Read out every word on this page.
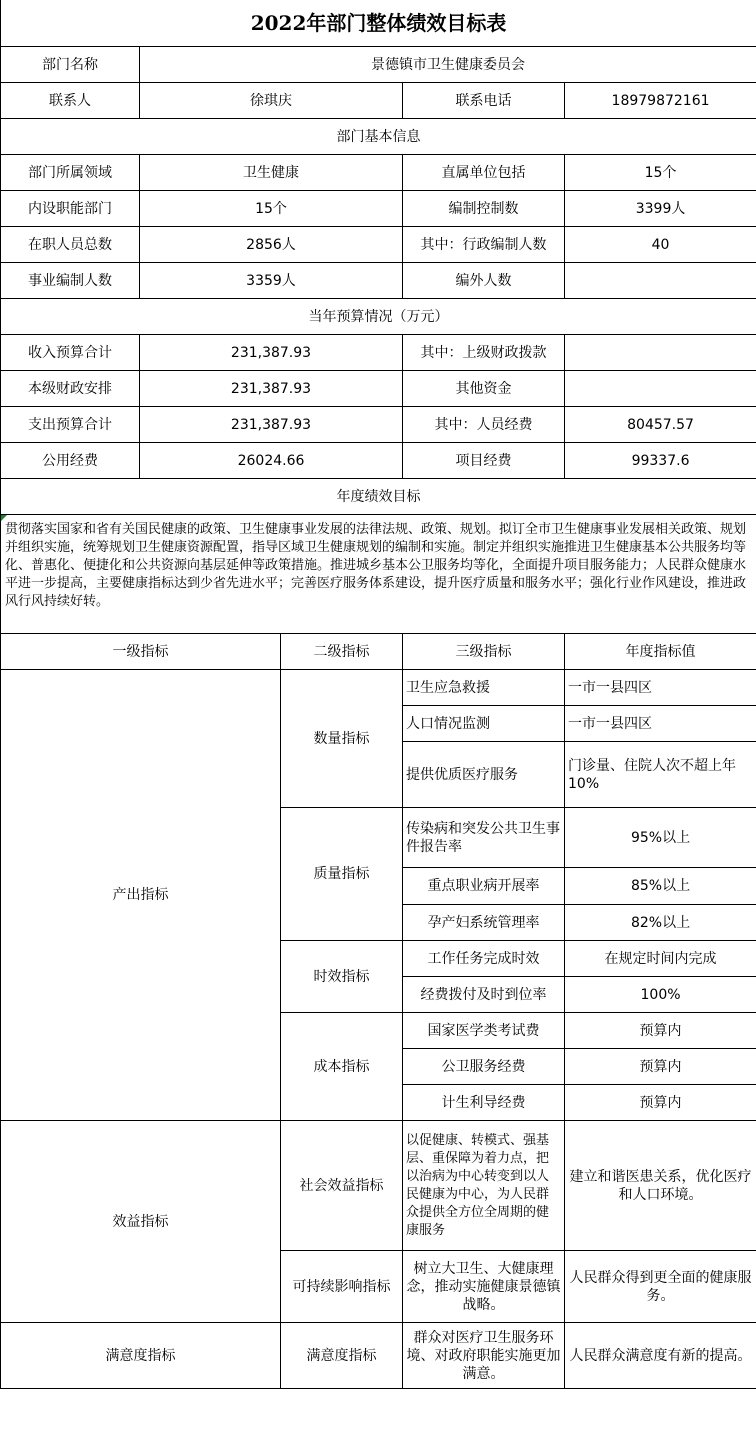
2022年部门整体绩效目标表				
部门名称	景德镇市卫生健康委员会			
联系人	徐琪庆		联系电话	18979872161
部门基本信息				
部门所属领域	卫生健康		直属单位包括	15个
内设职能部门	15个		编制控制数	3399人
在职人员总数	2856人		其中：行政编制人数	40
事业编制人数	3359人		编外人数	
当年预算情况（万元）				
收入预算合计	231,387.93		其中：上级财政拨款	
本级财政安排	231,387.93		其他资金	
支出预算合计	231,387.93		其中：人员经费	80457.57
公用经费	26024.66		项目经费	99337.6
年度绩效目标				

贯彻落实国家和省有关国民健康的政策、卫生健康事业发展的法律法规、政策、规划。拟订全市卫生健康事业发展相关政策、规划并组织实施，统筹规划卫生健康资源配置，指导区域卫生健康规划的编制和实施。制定并组织实施推进卫生健康基本公共服务均等化、普惠化、便捷化和公共资源向基层延伸等政策措施。推进城乡基本公卫服务均等化，全面提升项目服务能力；人民群众健康水平进一步提高，主要健康指标达到少省先进水平；完善医疗服务体系建设，提升医疗质量和服务水平；强化行业作风建设，推进政风行风持续好转。				
一级指标		二级指标	三级指标	年度指标值
产出指标		数量指标	卫生应急救援	一市一县四区
			人口情况监测	一市一县四区
			提供优质医疗服务	门诊量、住院人次不超上年10%
		质量指标	传染病和突发公共卫生事件报告率	95%以上
			重点职业病开展率	85%以上
			孕产妇系统管理率	82%以上
		时效指标	工作任务完成时效	在规定时间内完成
			经费拨付及时到位率	100%
		成本指标	国家医学类考试费	预算内
			公卫服务经费	预算内
			计生利导经费	预算内
效益指标		社会效益指标	以促健康、转模式、强基层、重保障为着力点，把以治病为中心转变到以人民健康为中心，为人民群众提供全方位全周期的健康服务	建立和谐医患关系，优化医疗和人口环境。
		可持续影响指标	树立大卫生、大健康理念，推动实施健康景德镇战略。	人民群众得到更全面的健康服务。
满意度指标		满意度指标	群众对医疗卫生服务环境、对政府职能实施更加满意。	人民群众满意度有新的提高。
